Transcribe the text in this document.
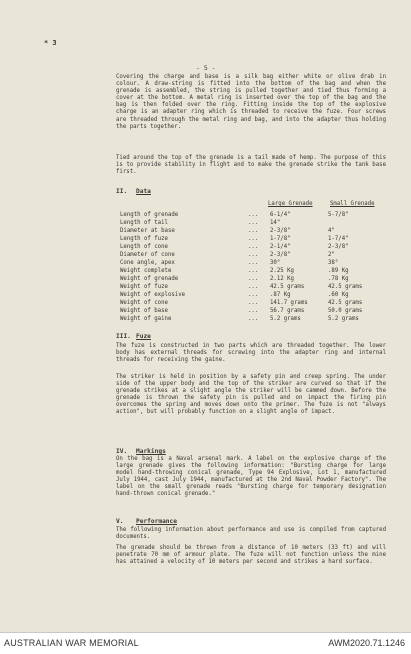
* 3
- 5 -

Covering the charge and base is a silk bag either white or olive drab in colour. A draw-string is fitted into the bottom of the bag and when the grenade is assembled, the string is pulled together and tied thus forming a cover at the bottom. A metal ring is inserted over the top of the bag and the bag is then folded over the ring. Fitting inside the top of the explosive charge is an adapter ring which is threaded to receive the fuze. Four screws are threaded through the metal ring and bag, and into the adapter thus holding the parts together.

Tied around the top of the grenade is a tail made of hemp. The purpose of this is to provide stability in flight and to make the grenade strike the tank base first.

II. Data
Large Grenade	Small Grenade
Length of grenade	... 6-1/4"	5-7/8"
Length of tail	... 14"
Diameter at base	... 2-3/8"	4"
Length of fuze	... 1-7/8"	1-7/4"
Length of cone	... 2-1/4"	2-3/8"
Diameter of cone	... 2-3/8"	2"
Cone angle, apex	... 30°	38°
Weight complete	... 2.25 Kg	.89 Kg
Weight of grenade	... 2.12 Kg	.78 Kg
Weight of fuze	... 42.5 grams	42.5 grams
Weight of explosive	... .87 Kg	.60 Kg
Weight of cone	... 141.7 grams	42.5 grams
Weight of base	... 56.7 grams	50.0 grams
Weight of gaine	... 5.2 grams	5.2 grams
III. Fuze

The fuze is constructed in two parts which are threaded together. The lower body has external threads for screwing into the adapter ring and internal threads for receiving the gaine.

The striker is held in position by a safety pin and creep spring. The under side of the upper body and the top of the striker are curved so that if the grenade strikes at a slight angle the striker will be cammed down. Before the grenade is thrown the safety pin is pulled and on impact the firing pin overcomes the spring and moves down onto the primer. The fuze is not "always action", but will probably function on a slight angle of impact.

IV. Markings

On the bag is a Naval arsenal mark. A label on the explosive charge of the large grenade gives the following information: "Bursting charge for large model hand-throwing conical grenade, Type 94 Explosive, Lot 1, manufactured July 1944, cast July 1944, manufactured at the 2nd Naval Powder Factory". The label on the small grenade reads "Bursting charge for temporary designation hand-thrown conical grenade."

V. Performance

The following information about performance and use is compiled from captured documents.

The grenade should be thrown from a distance of 10 meters (33 ft) and will penetrate 70 mm of armour plate. The fuze will not function unless the mine has attained a velocity of 10 meters per second and strikes a hard surface.

AUSTRALIAN WAR MEMORIAL	AWM2020.71.1246
